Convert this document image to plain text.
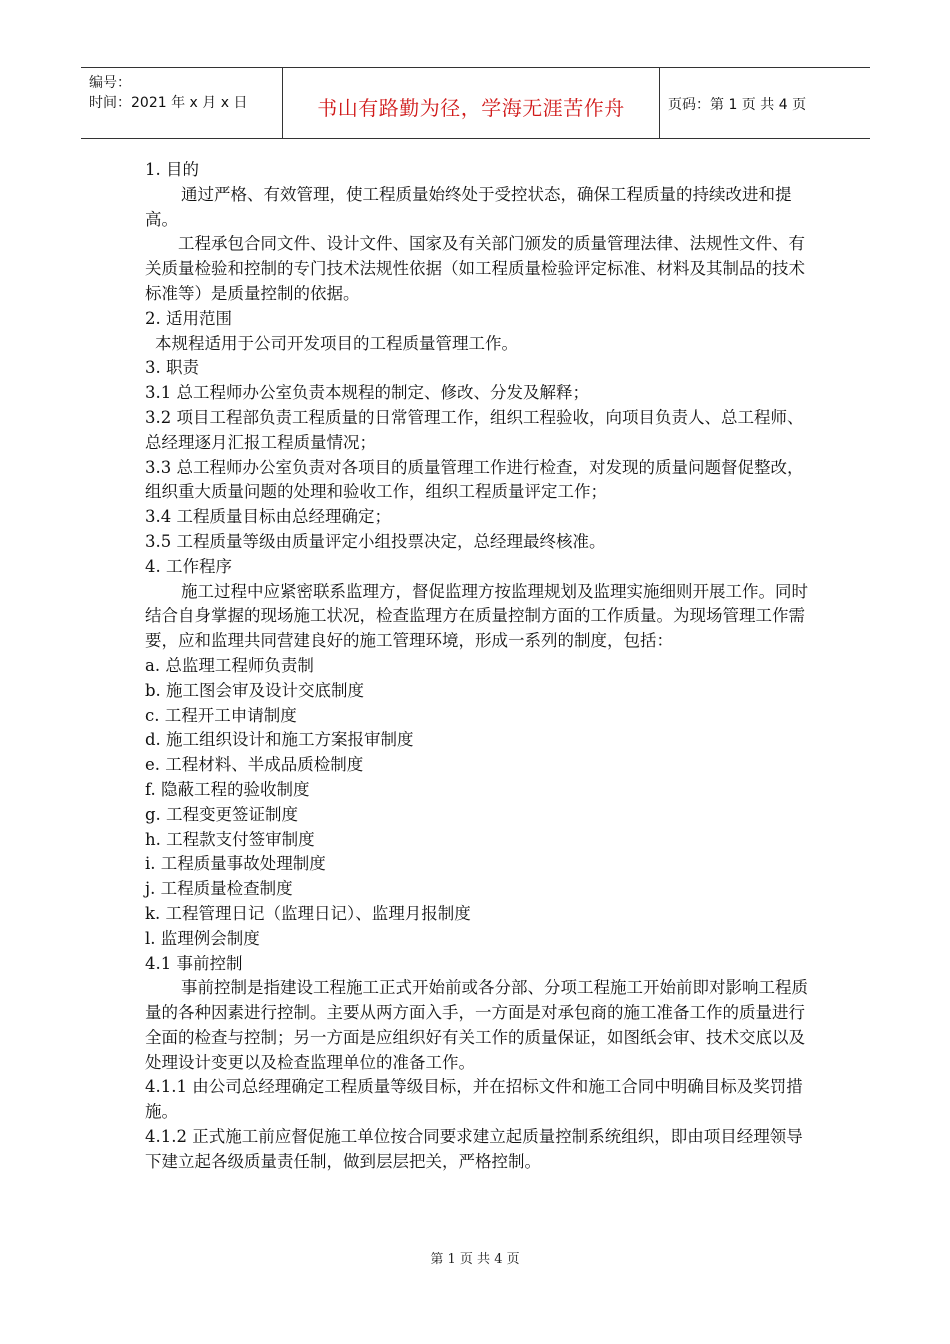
编号：
时间：2021 年 x 月 x 日	书山有路勤为径，学海无涯苦作舟	页码：第 1 页 共 4 页

1. 目的

通过严格、有效管理，使工程质量始终处于受控状态，确保工程质量的持续改进和提高。

工程承包合同文件、设计文件、国家及有关部门颁发的质量管理法律、法规性文件、有关质量检验和控制的专门技术法规性依据（如工程质量检验评定标准、材料及其制品的技术标准等）是质量控制的依据。

2. 适用范围

本规程适用于公司开发项目的工程质量管理工作。

3. 职责

3.1 总工程师办公室负责本规程的制定、修改、分发及解释；

3.2 项目工程部负责工程质量的日常管理工作，组织工程验收，向项目负责人、总工程师、总经理逐月汇报工程质量情况；

3.3 总工程师办公室负责对各项目的质量管理工作进行检查，对发现的质量问题督促整改，组织重大质量问题的处理和验收工作，组织工程质量评定工作；

3.4 工程质量目标由总经理确定；

3.5 工程质量等级由质量评定小组投票决定，总经理最终核准。

4. 工作程序

施工过程中应紧密联系监理方，督促监理方按监理规划及监理实施细则开展工作。同时结合自身掌握的现场施工状况，检查监理方在质量控制方面的工作质量。为现场管理工作需要，应和监理共同营建良好的施工管理环境，形成一系列的制度，包括：

a. 总监理工程师负责制

b. 施工图会审及设计交底制度

c. 工程开工申请制度

d. 施工组织设计和施工方案报审制度

e. 工程材料、半成品质检制度

f. 隐蔽工程的验收制度

g. 工程变更签证制度

h. 工程款支付签审制度

i. 工程质量事故处理制度

j. 工程质量检查制度

k. 工程管理日记（监理日记）、监理月报制度

l. 监理例会制度

4.1 事前控制

事前控制是指建设工程施工正式开始前或各分部、分项工程施工开始前即对影响工程质量的各种因素进行控制。主要从两方面入手，一方面是对承包商的施工准备工作的质量进行全面的检查与控制；另一方面是应组织好有关工作的质量保证，如图纸会审、技术交底以及处理设计变更以及检查监理单位的准备工作。

4.1.1 由公司总经理确定工程质量等级目标，并在招标文件和施工合同中明确目标及奖罚措施。

4.1.2 正式施工前应督促施工单位按合同要求建立起质量控制系统组织，即由项目经理领导下建立起各级质量责任制，做到层层把关，严格控制。

第 1 页 共 4 页
